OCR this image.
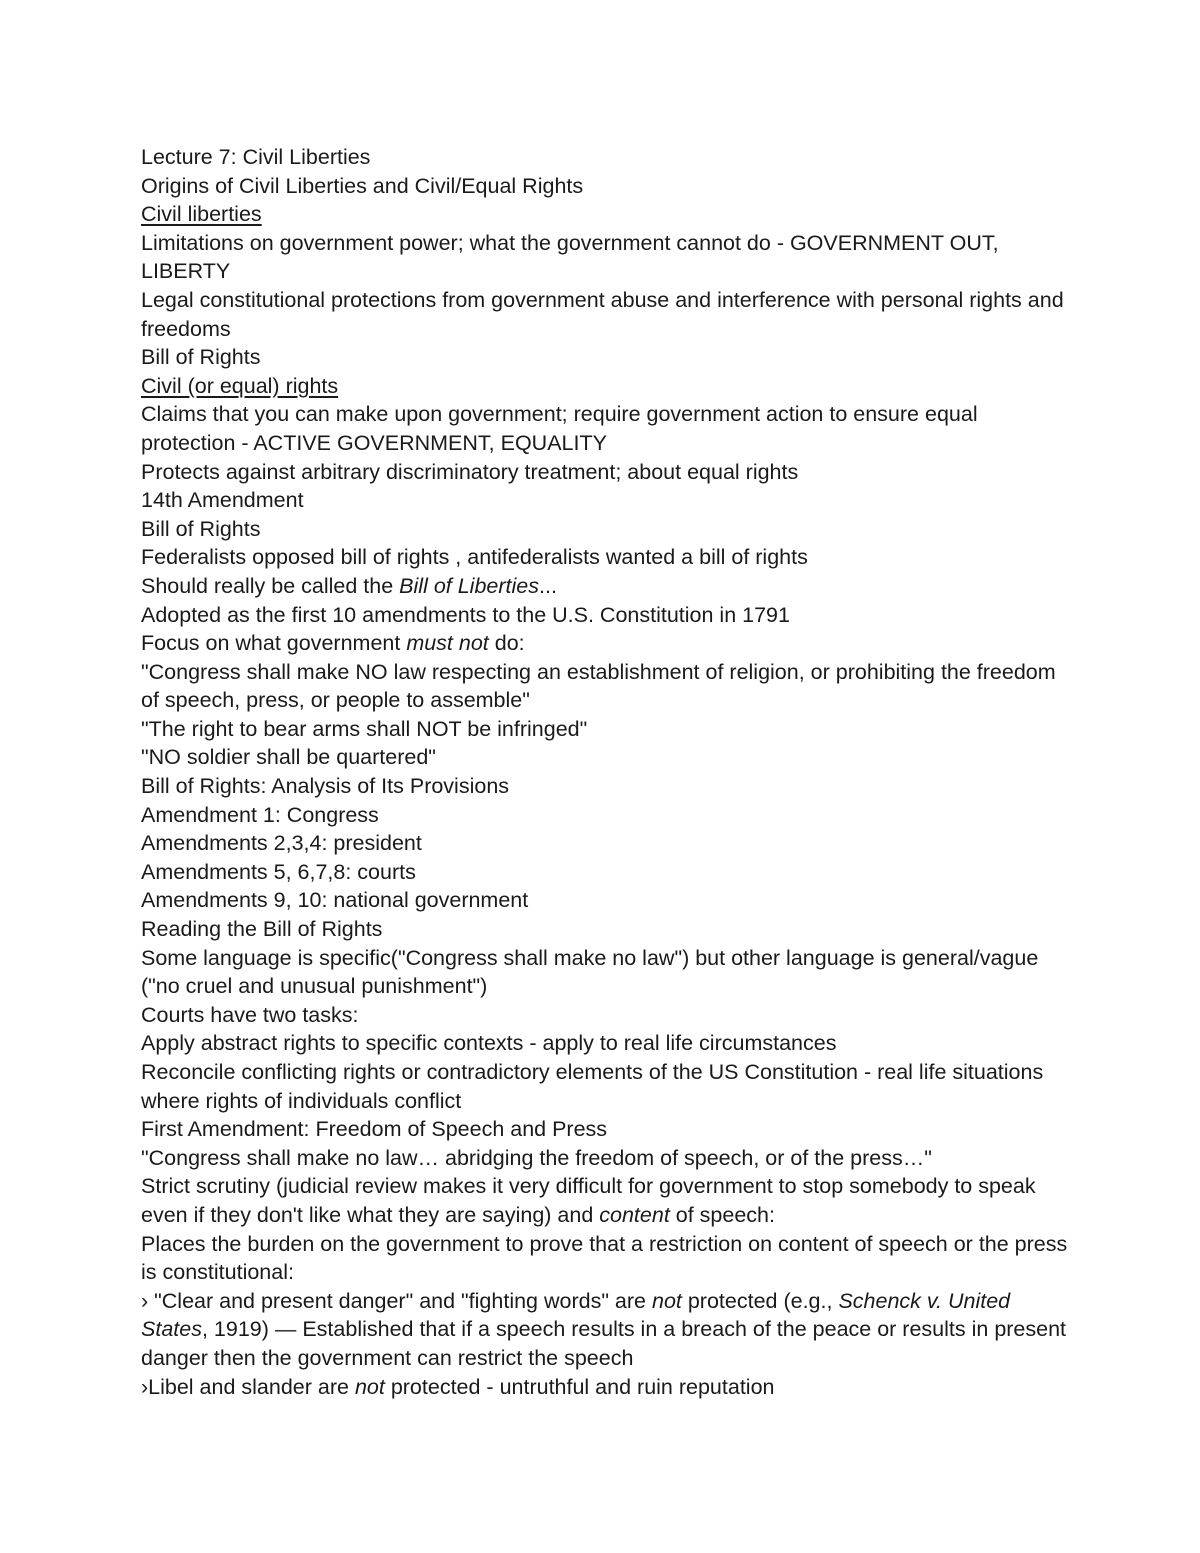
Lecture 7: Civil Liberties
Origins of Civil Liberties and Civil/Equal Rights
Civil liberties
Limitations on government power; what the government cannot do - GOVERNMENT OUT, LIBERTY
Legal constitutional protections from government abuse and interference with personal rights and freedoms
Bill of Rights
Civil (or equal) rights
Claims that you can make upon government; require government action to ensure equal protection - ACTIVE GOVERNMENT, EQUALITY
Protects against arbitrary discriminatory treatment; about equal rights
14th Amendment
Bill of Rights
Federalists opposed bill of rights , antifederalists wanted a bill of rights
Should really be called the Bill of Liberties...
Adopted as the first 10 amendments to the U.S. Constitution in 1791
Focus on what government must not do:
"Congress shall make NO law respecting an establishment of religion, or prohibiting the freedom of speech, press, or people to assemble"
"The right to bear arms shall NOT be infringed"
"NO soldier shall be quartered"
Bill of Rights: Analysis of Its Provisions
Amendment 1: Congress
Amendments 2,3,4: president
Amendments 5, 6,7,8: courts
Amendments 9, 10: national government
Reading the Bill of Rights
Some language is specific("Congress shall make no law") but other language is general/vague ("no cruel and unusual punishment")
Courts have two tasks:
Apply abstract rights to specific contexts - apply to real life circumstances
Reconcile conflicting rights or contradictory elements of the US Constitution - real life situations where rights of individuals conflict
First Amendment: Freedom of Speech and Press
"Congress shall make no law… abridging the freedom of speech, or of the press…"
Strict scrutiny (judicial review makes it very difficult for government to stop somebody to speak even if they don't like what they are saying) and content of speech:
Places the burden on the government to prove that a restriction on content of speech or the press is constitutional:
› "Clear and present danger" and "fighting words" are not protected (e.g., Schenck v. United States, 1919) — Established that if a speech results in a breach of the peace or results in present danger then the government can restrict the speech
›Libel and slander are not protected - untruthful and ruin reputation
